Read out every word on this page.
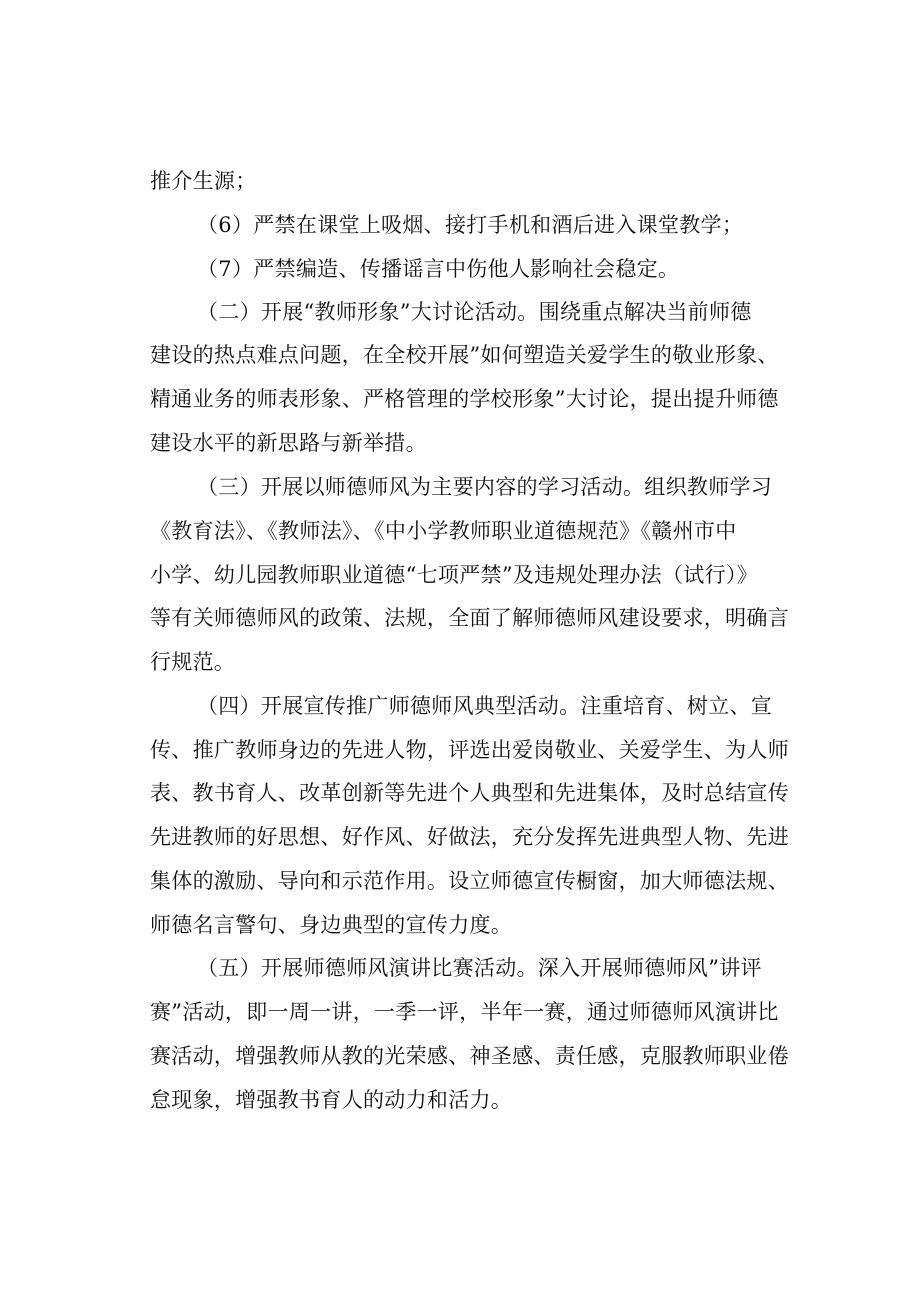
推介生源；
（6）严禁在课堂上吸烟、接打手机和酒后进入课堂教学；
（7）严禁编造、传播谣言中伤他人影响社会稳定。
（二）开展“教师形象”大讨论活动。围绕重点解决当前师德
建设的热点难点问题，在全校开展”如何塑造关爱学生的敬业形象、
精通业务的师表形象、严格管理的学校形象”大讨论，提出提升师德
建设水平的新思路与新举措。
（三）开展以师德师风为主要内容的学习活动。组织教师学习
《教育法》、《教师法》、《中小学教师职业道德规范》《赣州市中
小学、幼儿园教师职业道德“七项严禁”及违规处理办法（试行）》
等有关师德师风的政策、法规，全面了解师德师风建设要求，明确言
行规范。
（四）开展宣传推广师德师风典型活动。注重培育、树立、宣
传、推广教师身边的先进人物，评选出爱岗敬业、关爱学生、为人师
表、教书育人、改革创新等先进个人典型和先进集体，及时总结宣传
先进教师的好思想、好作风、好做法，充分发挥先进典型人物、先进
集体的激励、导向和示范作用。设立师德宣传橱窗，加大师德法规、
师德名言警句、身边典型的宣传力度。
（五）开展师德师风演讲比赛活动。深入开展师德师风”讲评
赛”活动，即一周一讲，一季一评，半年一赛，通过师德师风演讲比
赛活动，增强教师从教的光荣感、神圣感、责任感，克服教师职业倦
怠现象，增强教书育人的动力和活力。
